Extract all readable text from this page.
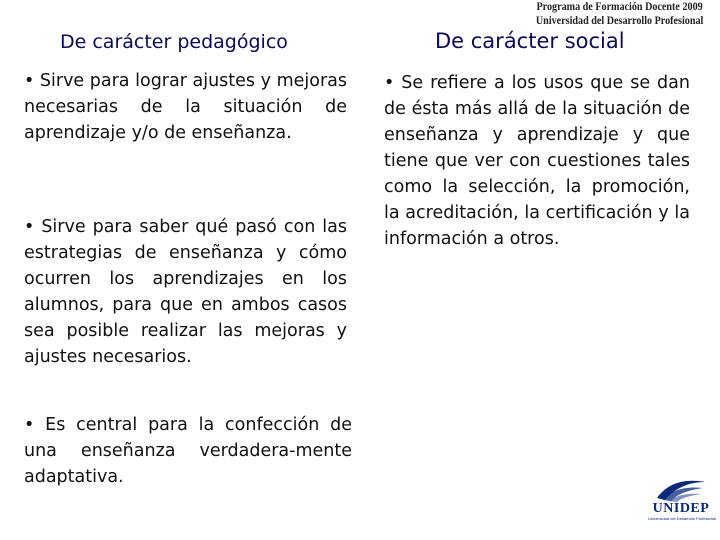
Programa de Formación Docente 2009
Universidad del Desarrollo Profesional
De carácter pedagógico	De carácter social
• Sirve para lograr ajustes y mejoras necesarias de la situación de aprendizaje y/o de enseñanza.
• Sirve para saber qué pasó con las estrategias de enseñanza y cómo ocurren los aprendizajes en los alumnos, para que en ambos casos sea posible realizar las mejoras y ajustes necesarios.
• Es central para la confección de una enseñanza verdadera-mente adaptativa.
• Se refiere a los usos que se dan de ésta más allá de la situación de enseñanza y aprendizaje y que tiene que ver con cuestiones tales como la selección, la promoción, la acreditación, la certificación y la información a otros.
UNIDEP
Universidad del Desarrollo Profesional
